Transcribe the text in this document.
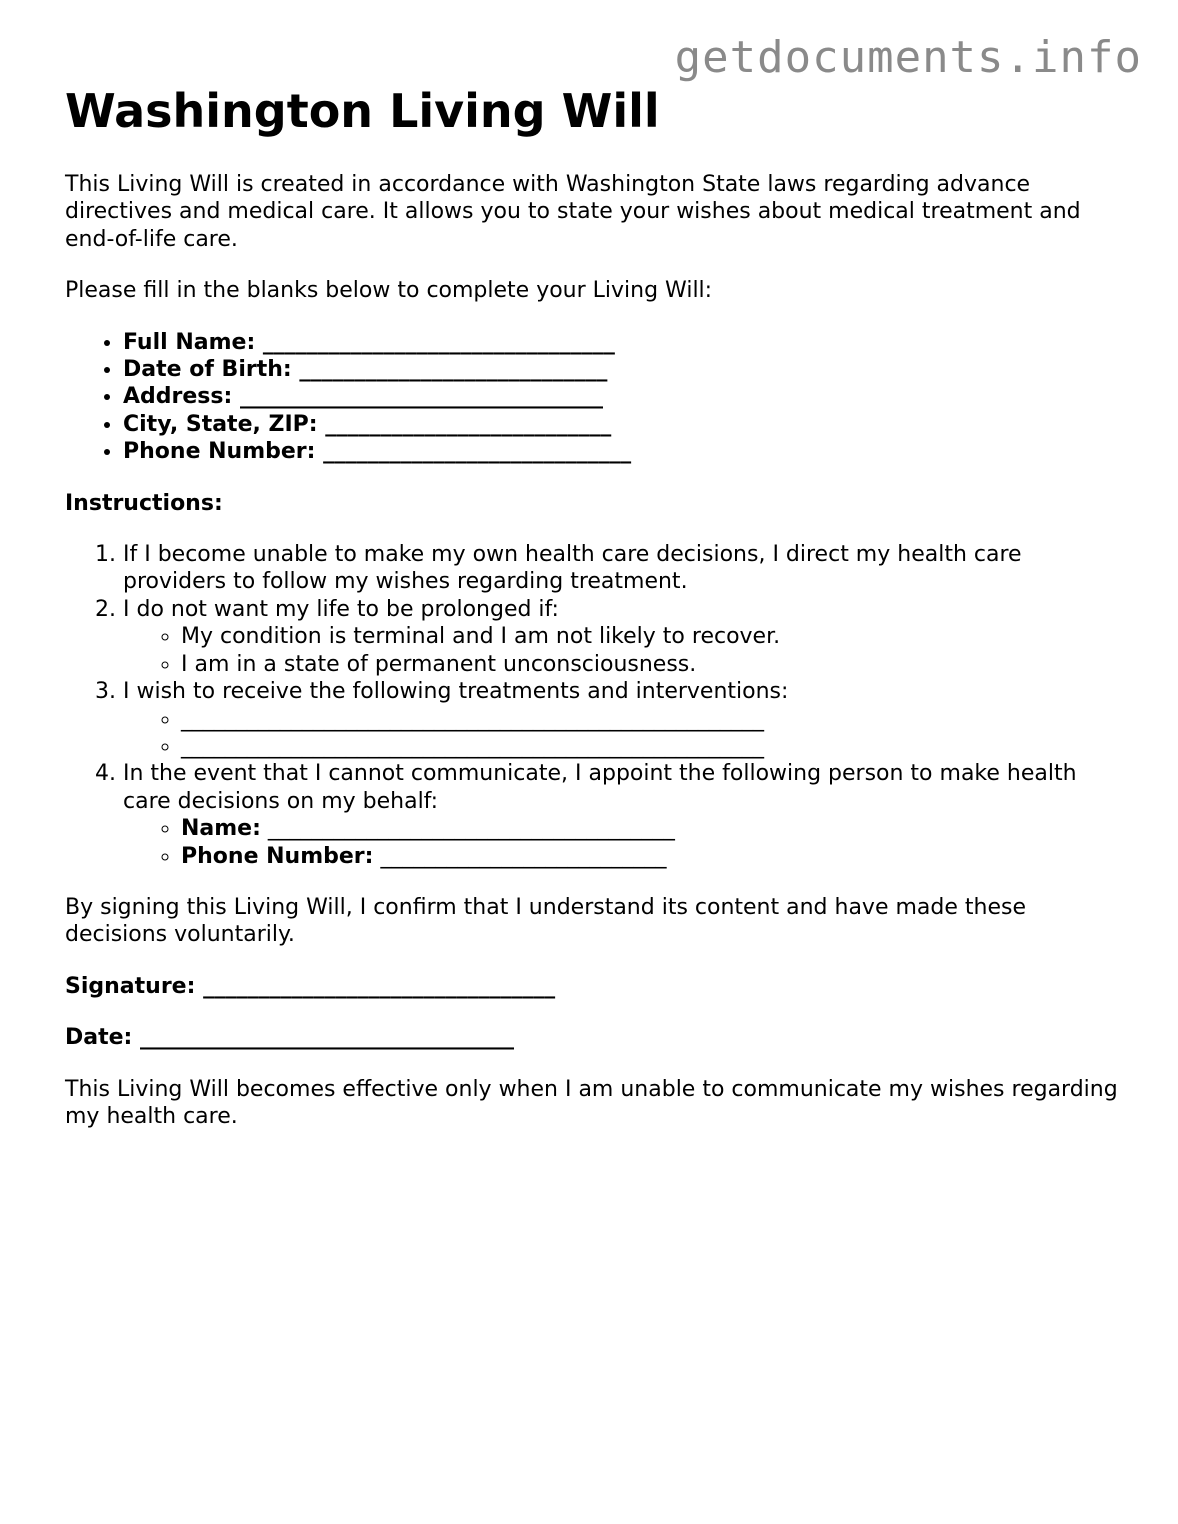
getdocuments.info
Washington Living Will

This Living Will is created in accordance with Washington State laws regarding advance directives and medical care. It allows you to state your wishes about medical treatment and end-of-life care.

Please fill in the blanks below to complete your Living Will:

• Full Name: ________________________________
• Date of Birth: ____________________________
• Address: _________________________________
• City, State, ZIP: __________________________
• Phone Number: ____________________________

Instructions:

1. If I become unable to make my own health care decisions, I direct my health care providers to follow my wishes regarding treatment.
2. I do not want my life to be prolonged if:
◦ My condition is terminal and I am not likely to recover.
◦ I am in a state of permanent unconsciousness.
3. I wish to receive the following treatments and interventions:
◦ _____________________________________________________
◦ _____________________________________________________
4. In the event that I cannot communicate, I appoint the following person to make health care decisions on my behalf:
◦ Name: _____________________________________
◦ Phone Number: __________________________

By signing this Living Will, I confirm that I understand its content and have made these decisions voluntarily.

Signature: ________________________________

Date: __________________________________

This Living Will becomes effective only when I am unable to communicate my wishes regarding my health care.
